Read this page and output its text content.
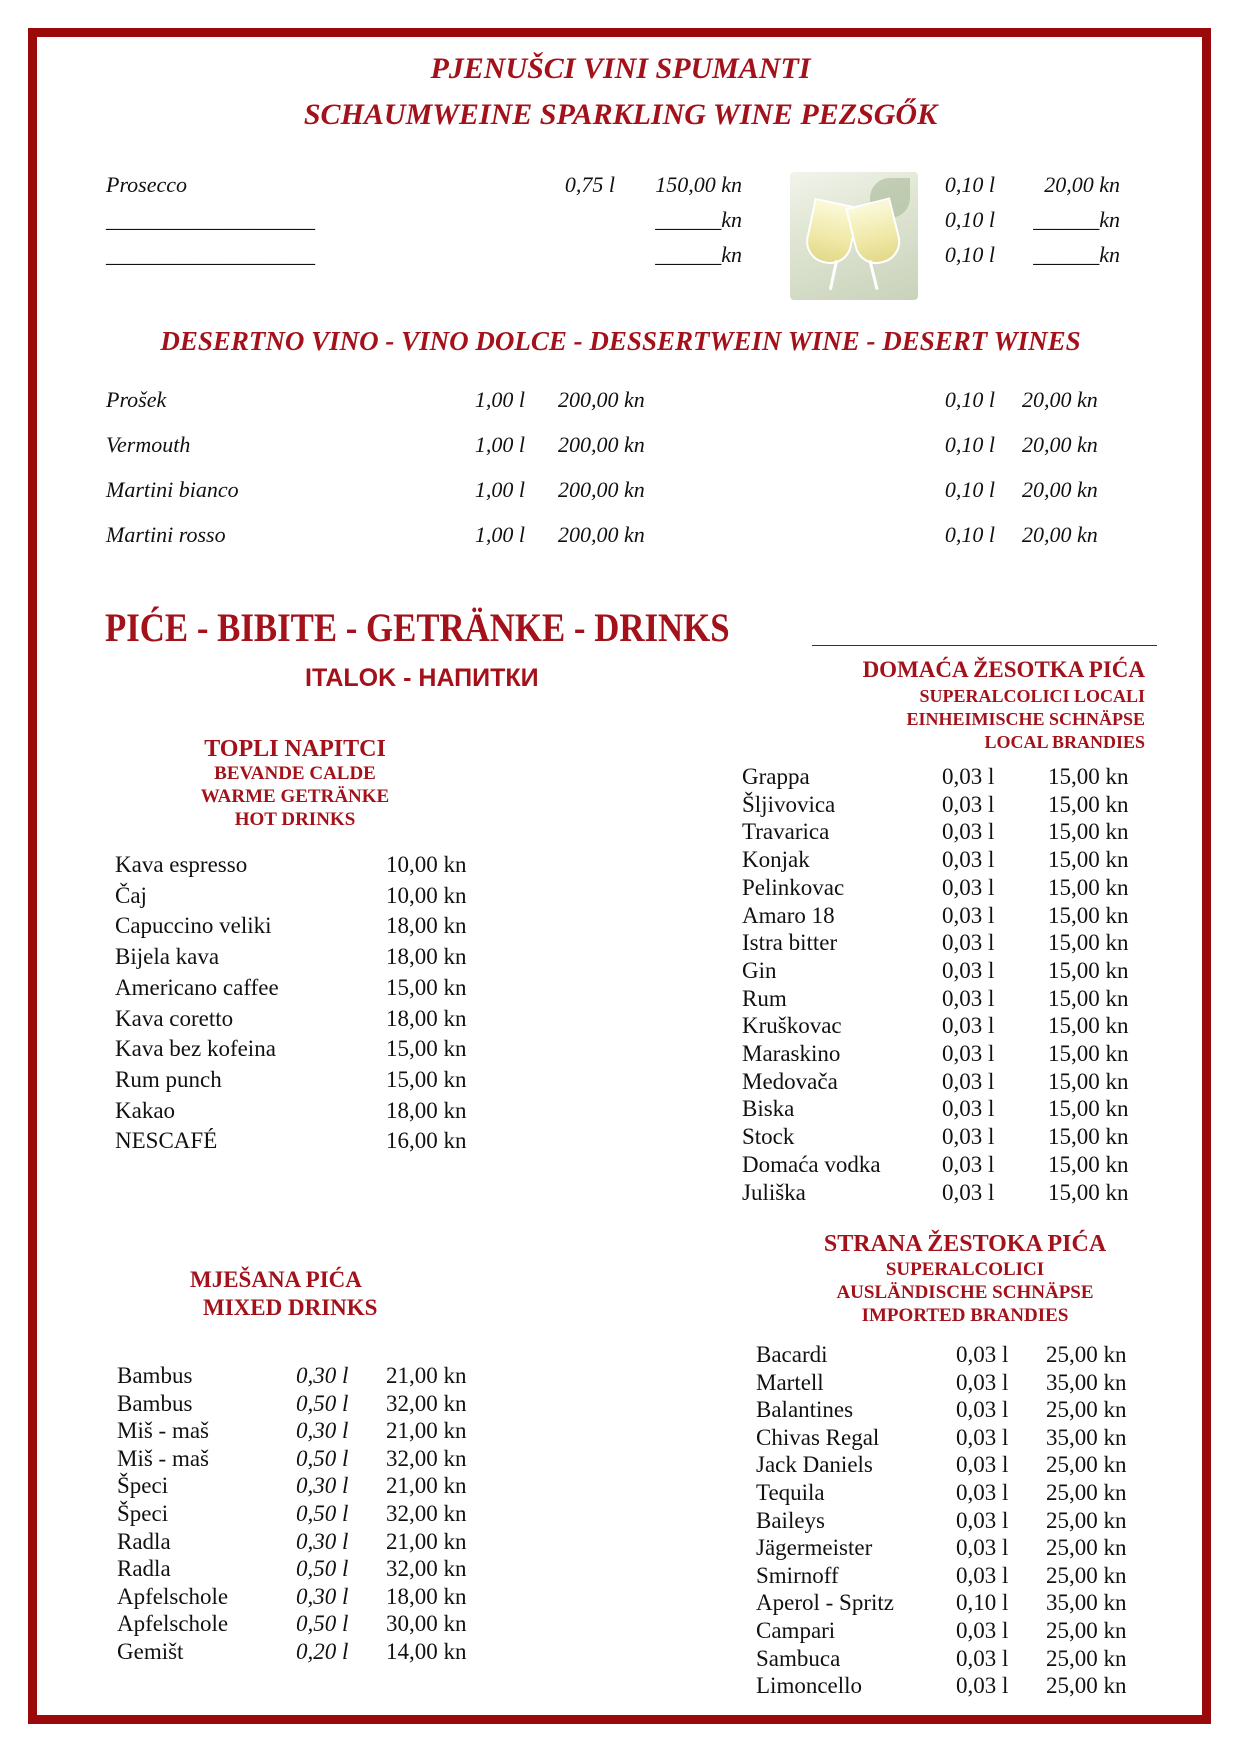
PJENUŠCI VINI SPUMANTI
SCHAUMWEINE SPARKLING WINE PEZSGŐK
Prosecco	0,75 l	150,00 kn	0,10 l	20,00 kn
___________________	______kn	0,10 l	______kn
___________________	______kn	0,10 l	______kn
DESERTNO VINO - VINO DOLCE - DESSERTWEIN WINE - DESERT WINES
Prošek	1,00 l 200,00 kn	0,10 l 20,00 kn
Vermouth	1,00 l 200,00 kn	0,10 l 20,00 kn
Martini bianco	1,00 l 200,00 kn	0,10 l 20,00 kn
Martini rosso	1,00 l 200,00 kn	0,10 l 20,00 kn
PIĆE - BIBITE - GETRÄNKE - DRINKS
ITALOK - НАПИТКИ
TOPLI NAPITCI
BEVANDE CALDE
WARME GETRÄNKE
HOT DRINKS
Kava espresso	10,00 kn
Čaj	10,00 kn
Capuccino veliki	18,00 kn
Bijela kava	18,00 kn
Americano caffee	15,00 kn
Kava coretto	18,00 kn
Kava bez kofeina	15,00 kn
Rum punch	15,00 kn
Kakao	18,00 kn
NESCAFÉ	16,00 kn
DOMAĆA ŽESOTKA PIĆA
SUPERALCOLICI LOCALI
EINHEIMISCHE SCHNÄPSE
LOCAL BRANDIES
Grappa	0,03 l 15,00 kn
Šljivovica	0,03 l 15,00 kn
Travarica	0,03 l 15,00 kn
Konjak	0,03 l 15,00 kn
Pelinkovac	0,03 l 15,00 kn
Amaro 18	0,03 l 15,00 kn
Istra bitter	0,03 l 15,00 kn
Gin	0,03 l 15,00 kn
Rum	0,03 l 15,00 kn
Kruškovac	0,03 l 15,00 kn
Maraskino	0,03 l 15,00 kn
Medovača	0,03 l 15,00 kn
Biska	0,03 l 15,00 kn
Stock	0,03 l 15,00 kn
Domaća vodka	0,03 l 15,00 kn
Juliška	0,03 l 15,00 kn
MJEŠANA PIĆA
MIXED DRINKS
Bambus	0,30 l 21,00 kn
Bambus	0,50 l 32,00 kn
Miš - maš	0,30 l 21,00 kn
Miš - maš	0,50 l 32,00 kn
Špeci	0,30 l 21,00 kn
Špeci	0,50 l 32,00 kn
Radla	0,30 l 21,00 kn
Radla	0,50 l 32,00 kn
Apfelschole	0,30 l 18,00 kn
Apfelschole	0,50 l 30,00 kn
Gemišt	0,20 l 14,00 kn
STRANA ŽESTOKA PIĆA
SUPERALCOLICI
AUSLÄNDISCHE SCHNÄPSE
IMPORTED BRANDIES
Bacardi	0,03 l 25,00 kn
Martell	0,03 l 35,00 kn
Balantines	0,03 l 25,00 kn
Chivas Regal	0,03 l 35,00 kn
Jack Daniels	0,03 l 25,00 kn
Tequila	0,03 l 25,00 kn
Baileys	0,03 l 25,00 kn
Jägermeister	0,03 l 25,00 kn
Smirnoff	0,03 l 25,00 kn
Aperol - Spritz	0,10 l 35,00 kn
Campari	0,03 l 25,00 kn
Sambuca	0,03 l 25,00 kn
Limoncello	0,03 l 25,00 kn
